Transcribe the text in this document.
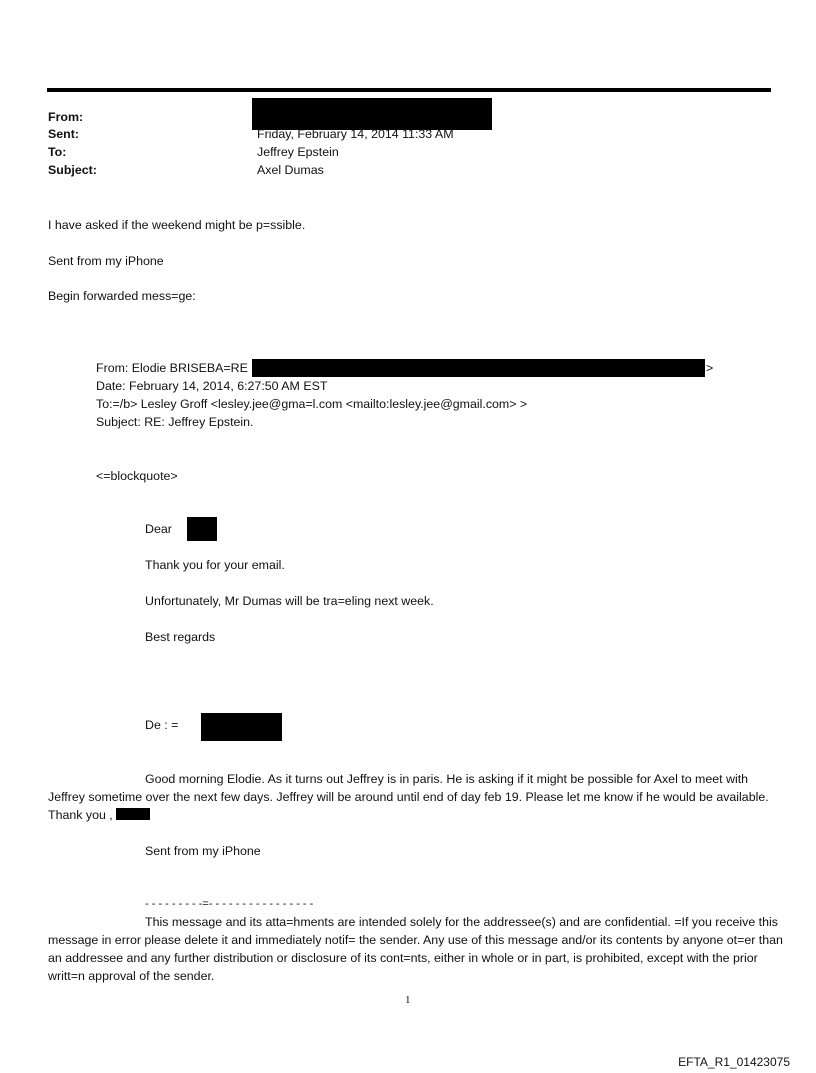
From:
Sent:	Friday, February 14, 2014 11:33 AM
To:	Jeffrey Epstein
Subject:	Axel Dumas
I have asked if the weekend might be p=ssible.
Sent from my iPhone
Begin forwarded mess=ge:
From: Elodie BRISEBA=RE	>
Date: February 14, 2014, 6:27:50 AM EST
To:=/b> Lesley Groff <lesley.jee@gma=l.com <mailto:lesley.jee@gmail.com> >
Subject: RE: Jeffrey Epstein.
<=blockquote>
Dear
Thank you for your email.
Unfortunately, Mr Dumas will be tra=eling next week.
Best regards
De : =
Good morning Elodie. As it turns out Jeffrey is in paris. He is asking if it might be possible for Axel to meet with Jeffrey sometime over the next few days. Jeffrey will be around until end of day feb 19. Please let me know if he would be available. Thank you ,
Sent from my iPhone
- - - - - - - - -=- - - - - - - - - - - - - - - -
This message and its atta=hments are intended solely for the addressee(s) and are confidential. =If you receive this message in error please delete it and immediately notif= the sender. Any use of this message and/or its contents by anyone ot=er than an addressee and any further distribution or disclosure of its cont=nts, either in whole or in part, is prohibited, except with the prior writt=n approval of the sender.
1
EFTA_R1_01423075
